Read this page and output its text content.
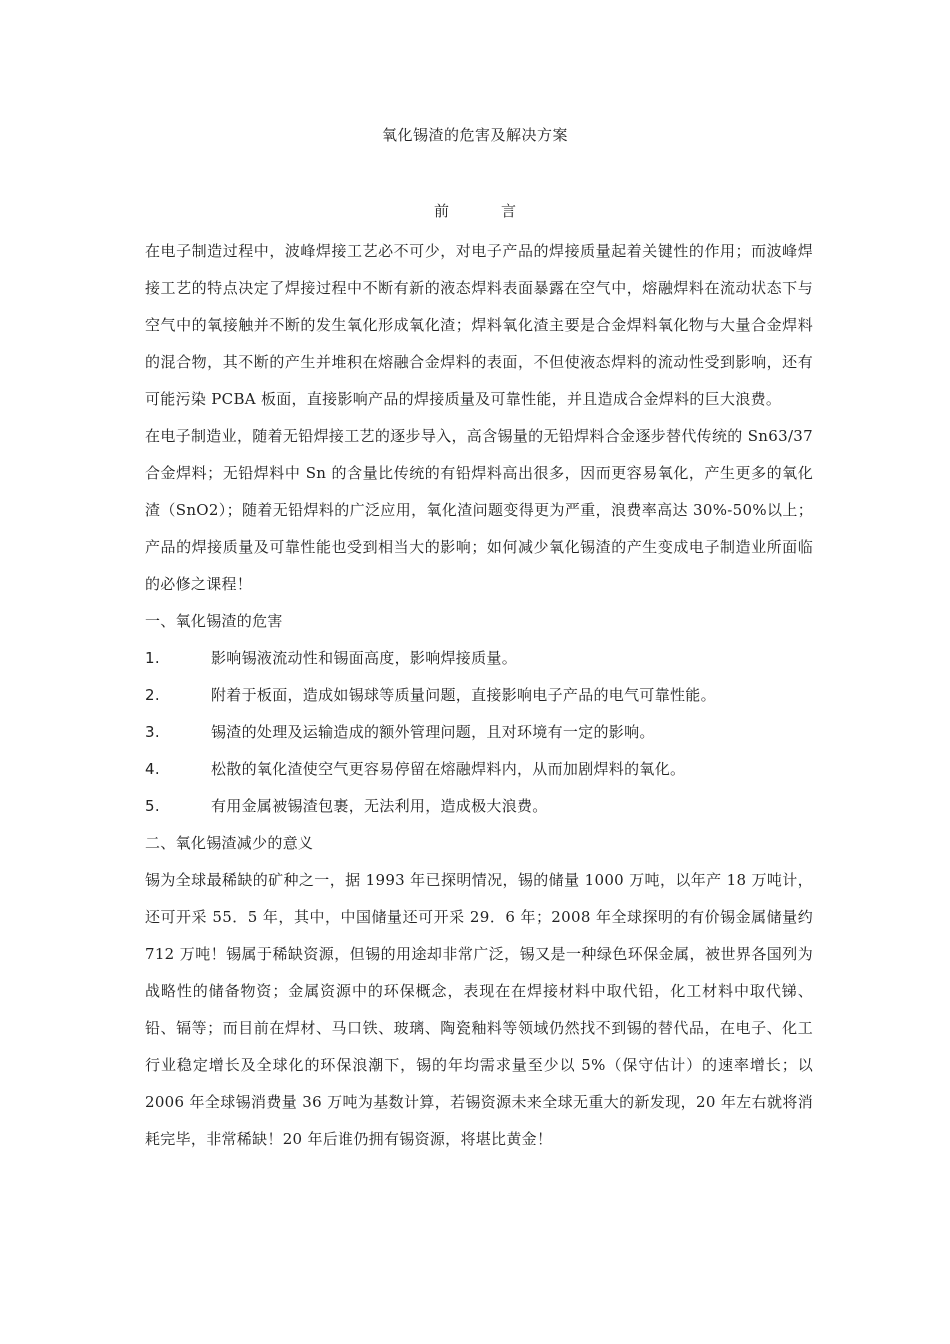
氧化锡渣的危害及解决方案
前	言

在电子制造过程中，波峰焊接工艺必不可少，对电子产品的焊接质量起着关键性的作用；而波峰焊接工艺的特点决定了焊接过程中不断有新的液态焊料表面暴露在空气中，熔融焊料在流动状态下与空气中的氧接触并不断的发生氧化形成氧化渣；焊料氧化渣主要是合金焊料氧化物与大量合金焊料的混合物，其不断的产生并堆积在熔融合金焊料的表面，不但使液态焊料的流动性受到影响，还有可能污染 PCBA 板面，直接影响产品的焊接质量及可靠性能，并且造成合金焊料的巨大浪费。

在电子制造业，随着无铅焊接工艺的逐步导入，高含锡量的无铅焊料合金逐步替代传统的 Sn63/37 合金焊料；无铅焊料中 Sn 的含量比传统的有铅焊料高出很多，因而更容易氧化，产生更多的氧化渣（SnO2）；随着无铅焊料的广泛应用，氧化渣问题变得更为严重，浪费率高达 30%-50%以上；产品的焊接质量及可靠性能也受到相当大的影响；如何减少氧化锡渣的产生变成电子制造业所面临的必修之课程！

一、氧化锡渣的危害

1.	影响锡液流动性和锡面高度，影响焊接质量。
2.	附着于板面，造成如锡球等质量问题，直接影响电子产品的电气可靠性能。
3.	锡渣的处理及运输造成的额外管理问题，且对环境有一定的影响。
4.	松散的氧化渣使空气更容易停留在熔融焊料内，从而加剧焊料的氧化。
5.	有用金属被锡渣包裹，无法利用，造成极大浪费。

二、氧化锡渣减少的意义

锡为全球最稀缺的矿种之一，据 1993 年已探明情况，锡的储量 1000 万吨，以年产 18 万吨计，还可开采 55．5 年，其中，中国储量还可开采 29．6 年；2008 年全球探明的有价锡金属储量约 712 万吨！锡属于稀缺资源，但锡的用途却非常广泛，锡又是一种绿色环保金属，被世界各国列为战略性的储备物资；金属资源中的环保概念，表现在在焊接材料中取代铅，化工材料中取代锑、铅、镉等；而目前在焊材、马口铁、玻璃、陶瓷釉料等领域仍然找不到锡的替代品，在电子、化工行业稳定增长及全球化的环保浪潮下，锡的年均需求量至少以 5%（保守估计）的速率增长；以 2006 年全球锡消费量 36 万吨为基数计算，若锡资源未来全球无重大的新发现，20 年左右就将消耗完毕，非常稀缺！20 年后谁仍拥有锡资源，将堪比黄金！
